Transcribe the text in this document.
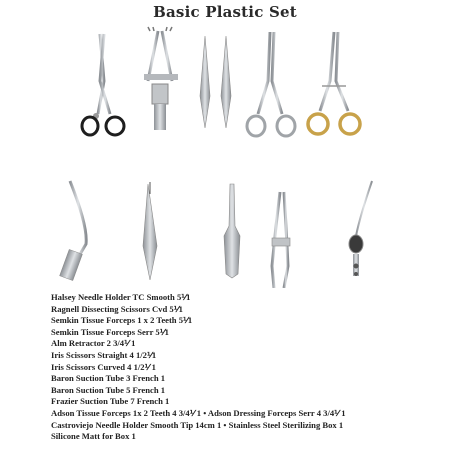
Basic Plastic Set
Halsey Needle Holder TC Smooth 5⅟1
Ragnell Dissecting Scissors Cvd 5⅟1
Semkin Tissue Forceps 1 x 2 Teeth 5⅟1
Semkin Tissue Forceps Serr 5⅟1
Alm Retractor 2 3/4⅟ 1
Iris Scissors Straight 4 1/2⅟1
Iris Scissors Curved 4 1/2⅟ 1
Baron Suction Tube 3 French 1
Baron Suction Tube 5 French 1
Frazier Suction Tube 7 French 1
Adson Tissue Forceps 1x 2 Teeth 4 3/4⅟ 1 • Adson Dressing Forceps Serr 4 3/4⅟ 1
Castroviejo Needle Holder Smooth Tip 14cm 1 • Stainless Steel Sterilizing Box 1
Silicone Matt for Box 1
